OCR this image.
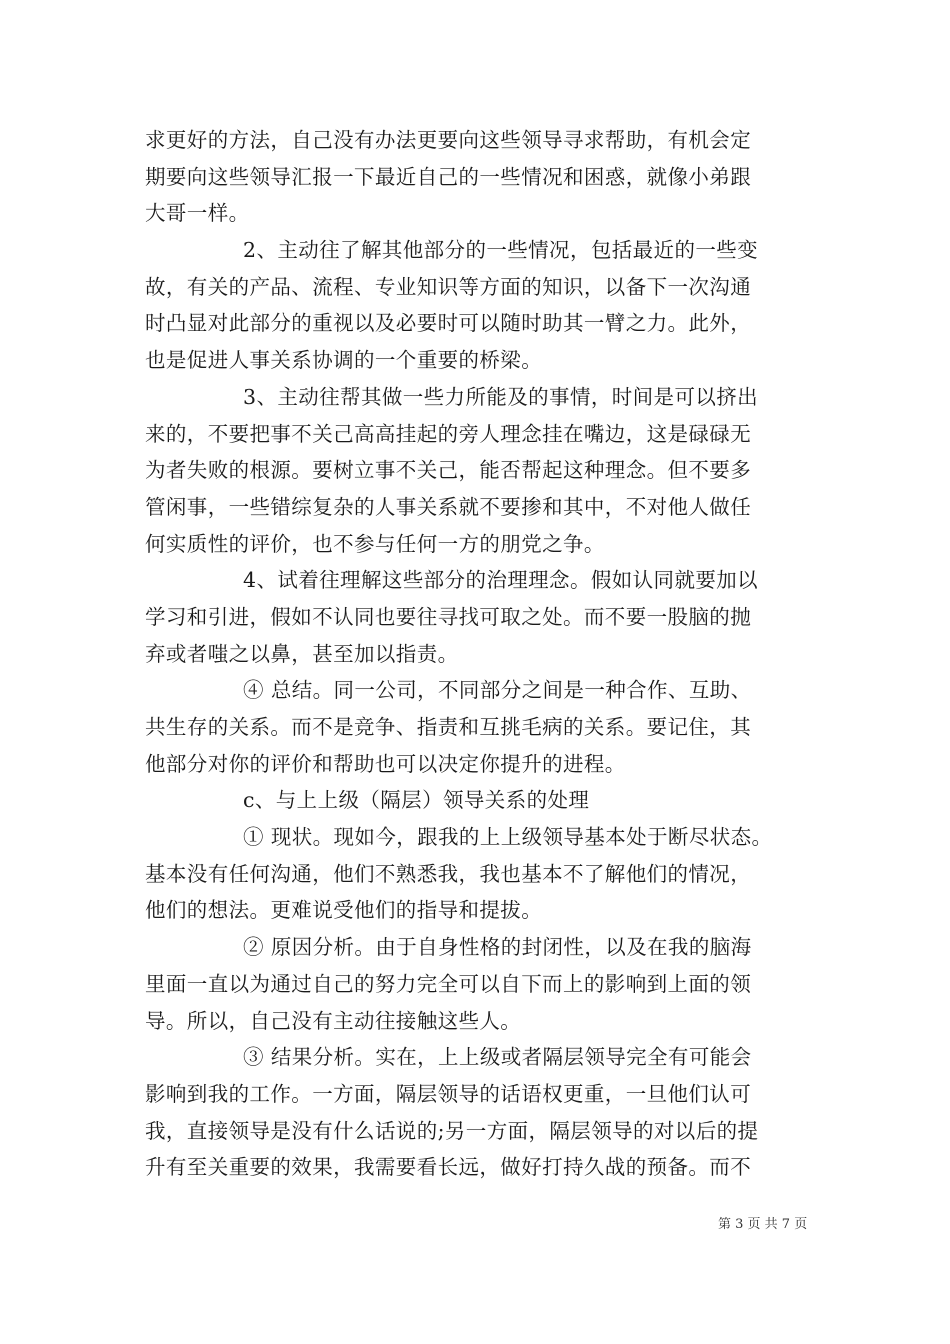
求更好的方法，自己没有办法更要向这些领导寻求帮助，有机会定
期要向这些领导汇报一下最近自己的一些情况和困惑，就像小弟跟
大哥一样。
2、主动往了解其他部分的一些情况，包括最近的一些变
故，有关的产品、流程、专业知识等方面的知识，以备下一次沟通
时凸显对此部分的重视以及必要时可以随时助其一臂之力。此外，
也是促进人事关系协调的一个重要的桥梁。
3、主动往帮其做一些力所能及的事情，时间是可以挤出
来的，不要把事不关己高高挂起的旁人理念挂在嘴边，这是碌碌无
为者失败的根源。要树立事不关己，能否帮起这种理念。但不要多
管闲事，一些错综复杂的人事关系就不要掺和其中，不对他人做任
何实质性的评价，也不参与任何一方的朋党之争。
4、试着往理解这些部分的治理理念。假如认同就要加以
学习和引进，假如不认同也要往寻找可取之处。而不要一股脑的抛
弃或者嗤之以鼻，甚至加以指责。
④ 总结。同一公司，不同部分之间是一种合作、互助、
共生存的关系。而不是竞争、指责和互挑毛病的关系。要记住，其
他部分对你的评价和帮助也可以决定你提升的进程。
c、与上上级（隔层）领导关系的处理
① 现状。现如今，跟我的上上级领导基本处于断尽状态。
基本没有任何沟通，他们不熟悉我，我也基本不了解他们的情况，
他们的想法。更难说受他们的指导和提拔。
② 原因分析。由于自身性格的封闭性，以及在我的脑海
里面一直以为通过自己的努力完全可以自下而上的影响到上面的领
导。所以，自己没有主动往接触这些人。
③ 结果分析。实在，上上级或者隔层领导完全有可能会
影响到我的工作。一方面，隔层领导的话语权更重，一旦他们认可
我，直接领导是没有什么话说的;另一方面，隔层领导的对以后的提
升有至关重要的效果，我需要看长远，做好打持久战的预备。而不
第 3 页 共 7 页
